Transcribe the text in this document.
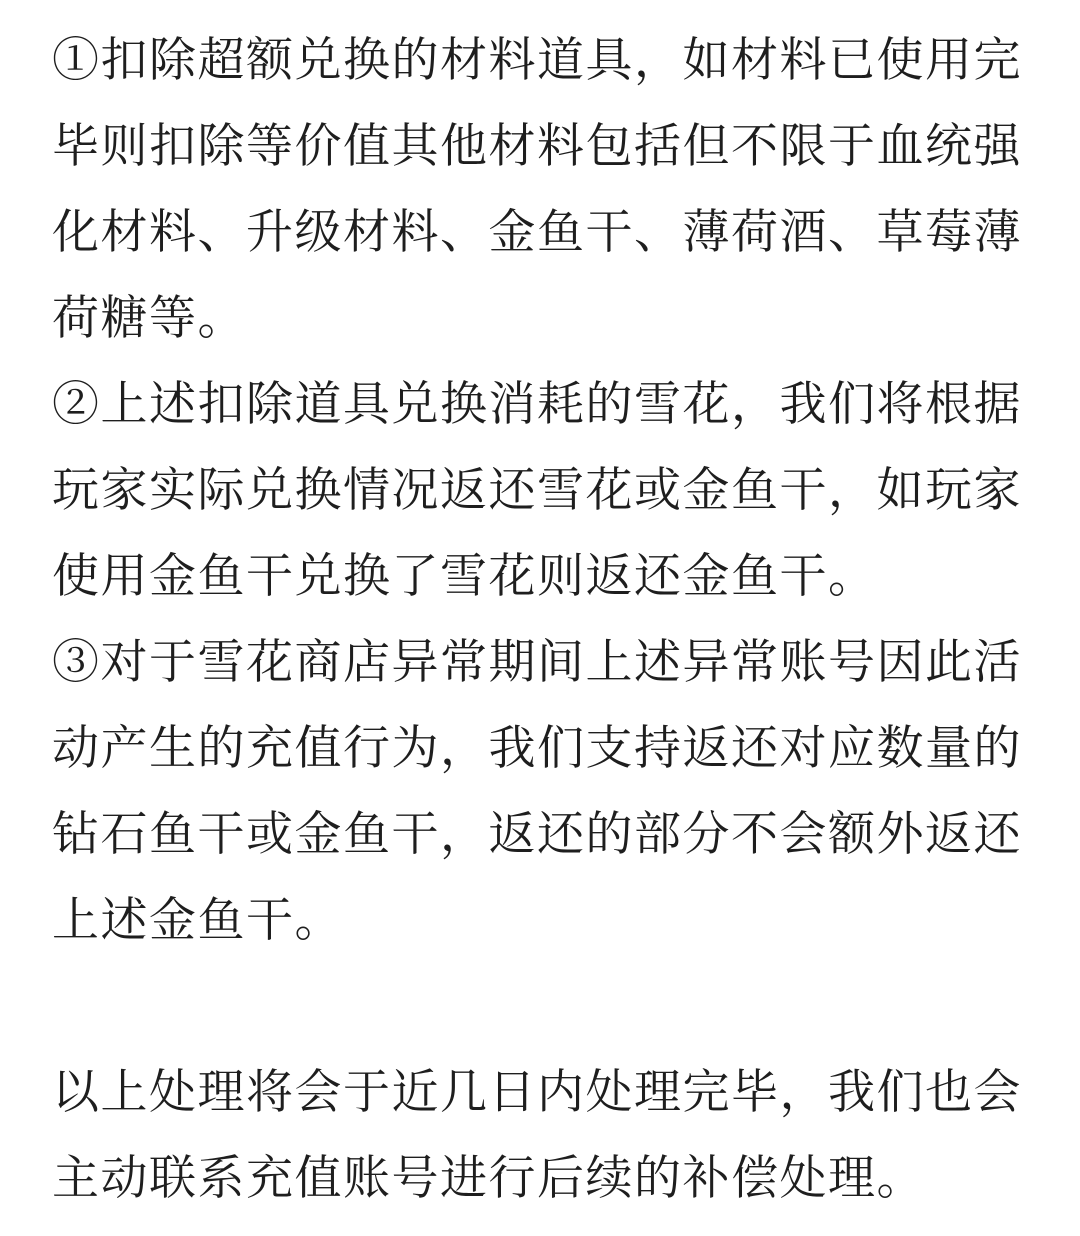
①扣除超额兑换的材料道具，如材料已使用完
毕则扣除等价值其他材料包括但不限于血统强
化材料、升级材料、金鱼干、薄荷酒、草莓薄
荷糖等。
②上述扣除道具兑换消耗的雪花，我们将根据
玩家实际兑换情况返还雪花或金鱼干，如玩家
使用金鱼干兑换了雪花则返还金鱼干。
③对于雪花商店异常期间上述异常账号因此活
动产生的充值行为，我们支持返还对应数量的
钻石鱼干或金鱼干，返还的部分不会额外返还
上述金鱼干。
以上处理将会于近几日内处理完毕，我们也会
主动联系充值账号进行后续的补偿处理。
